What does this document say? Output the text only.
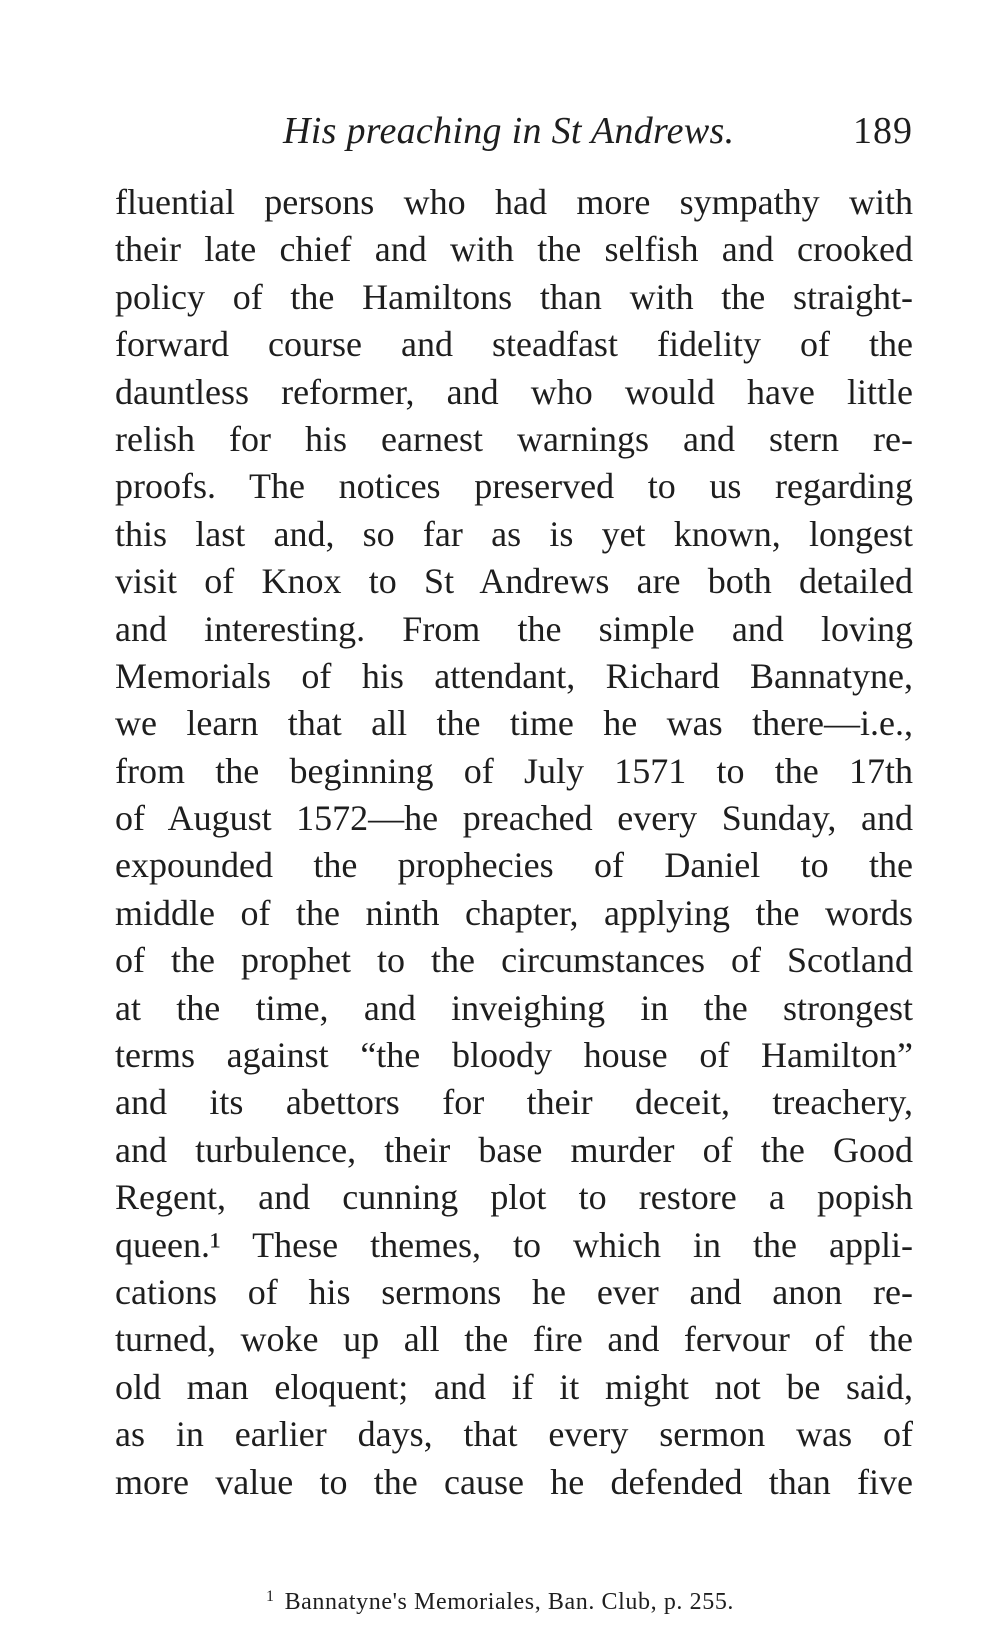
His preaching in St Andrews.	189
fluential persons who had more sympathy with
their late chief and with the selfish and crooked
policy of the Hamiltons than with the straight-
forward course and steadfast fidelity of the
dauntless reformer, and who would have little
relish for his earnest warnings and stern re-
proofs. The notices preserved to us regarding
this last and, so far as is yet known, longest
visit of Knox to St Andrews are both detailed
and interesting. From the simple and loving
Memorials of his attendant, Richard Bannatyne,
we learn that all the time he was there—i.e.,
from the beginning of July 1571 to the 17th
of August 1572—he preached every Sunday, and
expounded the prophecies of Daniel to the
middle of the ninth chapter, applying the words
of the prophet to the circumstances of Scotland
at the time, and inveighing in the strongest
terms against “the bloody house of Hamilton”
and its abettors for their deceit, treachery,
and turbulence, their base murder of the Good
Regent, and cunning plot to restore a popish
queen.¹ These themes, to which in the appli-
cations of his sermons he ever and anon re-
turned, woke up all the fire and fervour of the
old man eloquent; and if it might not be said,
as in earlier days, that every sermon was of
more value to the cause he defended than five
$^1$ Bannatyne's Memoriales, Ban. Club, p. 255.
